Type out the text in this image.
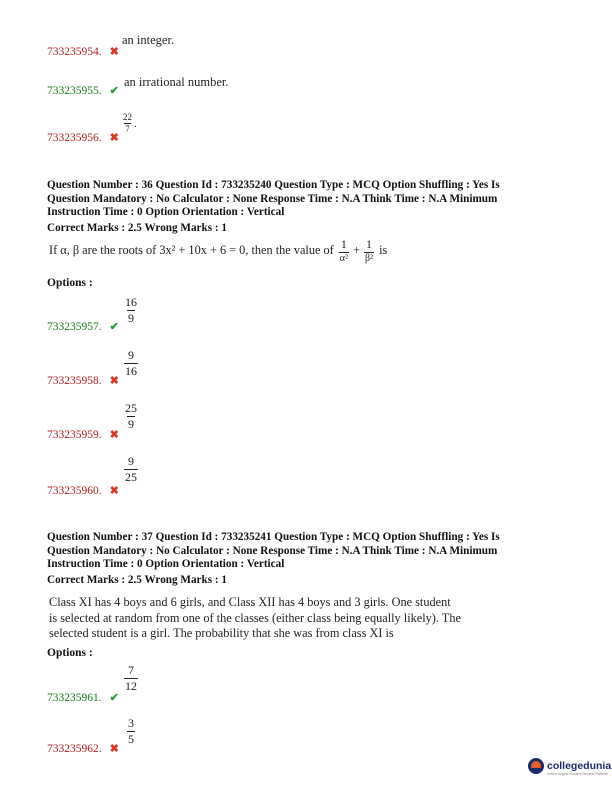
733235954. ✖
an integer.
733235955. ✔
an irrational number.
733235956. ✖
$\frac{22}{7}$ .
Question Number : 36 Question Id : 733235240 Question Type : MCQ Option Shuffling : Yes Is
Question Mandatory : No Calculator : None Response Time : N.A Think Time : N.A Minimum
Instruction Time : 0 Option Orientation : Vertical
Correct Marks : 2.5 Wrong Marks : 1
If α, β are the roots of 3x² + 10x + 6 = 0, then the value of $\frac{1}{\text{α²}} + \frac{1}{\text{β²}}$ is
Options :
733235957. ✔
$\frac{16}{9}$
733235958. ✖
$\frac{9}{16}$
733235959. ✖
$\frac{25}{9}$
733235960. ✖
$\frac{9}{25}$
Question Number : 37 Question Id : 733235241 Question Type : MCQ Option Shuffling : Yes Is
Question Mandatory : No Calculator : None Response Time : N.A Think Time : N.A Minimum
Instruction Time : 0 Option Orientation : Vertical
Correct Marks : 2.5 Wrong Marks : 1
Class XI has 4 boys and 6 girls, and Class XII has 4 boys and 3 girls. One student
is selected at random from one of the classes (either class being equally likely). The
selected student is a girl. The probability that she was from class XI is
Options :
733235961. ✔
$\frac{7}{12}$
733235962. ✖
$\frac{3}{5}$
collegedunia
India's largest Student Review Platform
